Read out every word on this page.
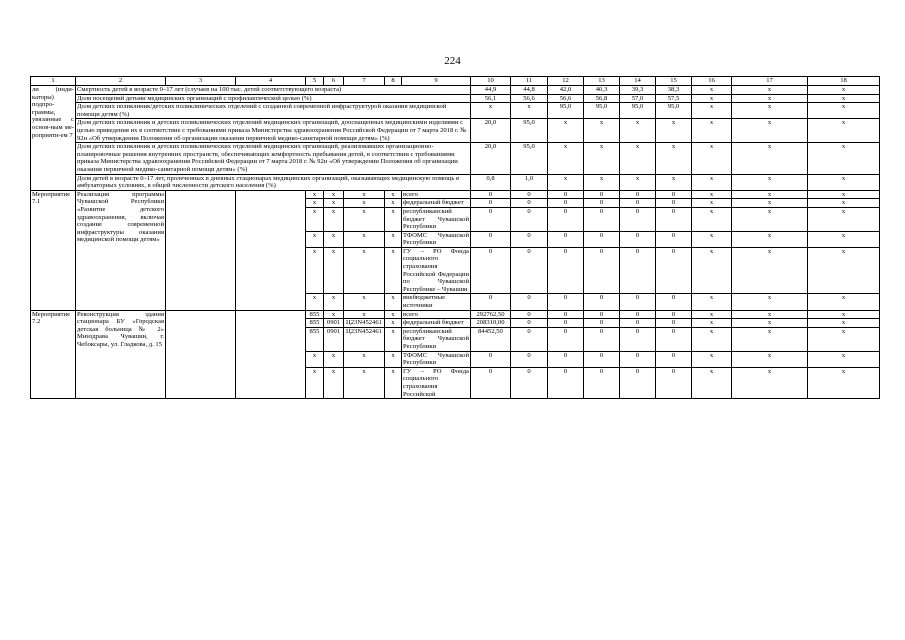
224
1	2	3	4	5	6	7	8	9	10	11	12	13	14	15	16	17	18

ли (инди-каторы) подпро-граммы, увязанные с основ-ным ме-роприяти-ем 7	Смертность детей в возрасте 0–17 лет (случаев на 100 тыс. детей соответствующего возраста)								44,9	44,8	42,0	40,3	39,3	38,3	x	x	x
	Доля посещений детьми медицинских организаций с профилактической целью (%)								56,1	56,6	56,6	56,8	57,0	57,5	x	x	x
	Доля детских поликлиник/детских поликлинических отделений с созданной современной инфраструктурой оказания медицинской помощи детям (%)								x	x	95,0	95,0	95,0	95,0	x	x	x
	Доля детских поликлиник и детских поликлинических отделений медицинских организаций, дооснащенных медицинскими изделиями с целью приведения их в соответствие с требованиями приказа Министерства здравоохранения Российской Федерации от 7 марта 2018 г. № 92н «Об утверждении Положения об организации оказания первичной медико-санитарной помощи детям» (%)								20,0	95,0	x	x	x	x	x	x	x
	Доля детских поликлиник и детских поликлинических отделений медицинских организаций, реализовавших организационно-планировочные решения внутренних пространств, обеспечивающих комфортность пребывания детей, в соответствии с требованиями приказа Министерства здравоохранения Российской Федерации от 7 марта 2018 г. № 92н «Об утверждении Положения об организации оказания первичной медико-санитарной помощи детям» (%)								20,0	95,0	x	x	x	x	x	x	x
	Доля детей в возрасте 0–17 лет, пролеченных в дневных стационарах медицинских организаций, оказывающих медицинскую помощь в амбулаторных условиях, в общей численности детского населения (%)								0,8	1,0	x	x	x	x	x	x	x
Мероприятие 7.1	Реализация программы Чувашской Республики «Развитие детского здравоохранения, включая создание современной инфраструктуры оказания медицинской помощи детям»			x	x	x	x	всего	0	0	0	0	0	0	x	x	x
				x	x	x	x	федеральный бюджет	0	0	0	0	0	0	x	x	x
				x	x	x	x	республиканский бюджет Чувашской Республики	0	0	0	0	0	0	x	x	x
				x	x	x	x	ТФОМС Чувашской Республики	0	0	0	0	0	0	x	x	x
				x	x	x	x	ГУ – РО Фонда социального страхования Российской Федерации по Чувашской Республике – Чувашии	0	0	0	0	0	0	x	x	x
				x	x	x	x	внебюджетные источники	0	0	0	0	0	0	x	x	x
Мероприятие 7.2	Реконструкция здания стационара БУ «Городская детская больница № 2» Минздрава Чувашии, г. Чебоксары, ул. Гладкова, д. 15			855	x	x	x	всего	292762,50	0	0	0	0	0	x	x	x
				855	0901	Ц23N452461	x	федеральный бюджет	208310,00	0	0	0	0	0	x	x	x
				855	0901	Ц23N452461	x	республиканский бюджет Чувашской Республики	84452,50	0	0	0	0	0	x	x	x
				x	x	x	x	ТФОМС Чувашской Республики	0	0	0	0	0	0	x	x	x
				x	x	x	x	ГУ – РО Фонда социального страхования Российской	0	0	0	0	0	0	x	x	x
